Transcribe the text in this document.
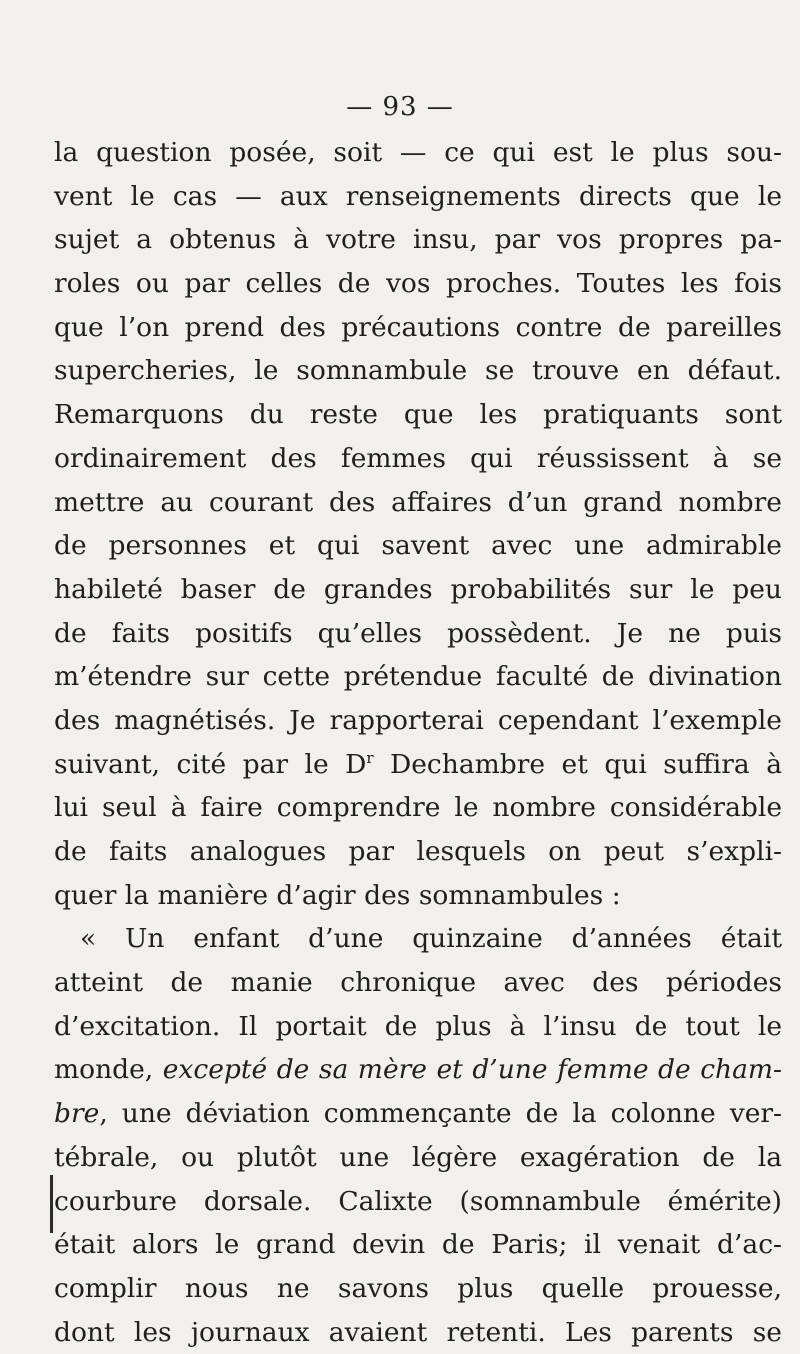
— 93 —
la question posée, soit — ce qui est le plus sou-
vent le cas — aux renseignements directs que le
sujet a obtenus à votre insu, par vos propres pa-
roles ou par celles de vos proches. Toutes les fois
que l’on prend des précautions contre de pareilles
supercheries, le somnambule se trouve en défaut.
Remarquons du reste que les pratiquants sont
ordinairement des femmes qui réussissent à se
mettre au courant des affaires d’un grand nombre
de personnes et qui savent avec une admirable
habileté baser de grandes probabilités sur le peu
de faits positifs qu’elles possèdent. Je ne puis
m’étendre sur cette prétendue faculté de divination
des magnétisés. Je rapporterai cependant l’exemple
suivant, cité par le $D^r$ Dechambre et qui suffira à
lui seul à faire comprendre le nombre considérable
de faits analogues par lesquels on peut s’expli-
quer la manière d’agir des somnambules :
« Un enfant d’une quinzaine d’années était
atteint de manie chronique avec des périodes
d’excitation. Il portait de plus à l’insu de tout le
monde, excepté de sa mère et d’une femme de cham-
bre, une déviation commençante de la colonne ver-
tébrale, ou plutôt une légère exagération de la
courbure dorsale. Calixte (somnambule émérite)
était alors le grand devin de Paris; il venait d’ac-
complir nous ne savons plus quelle prouesse,
dont les journaux avaient retenti. Les parents se
